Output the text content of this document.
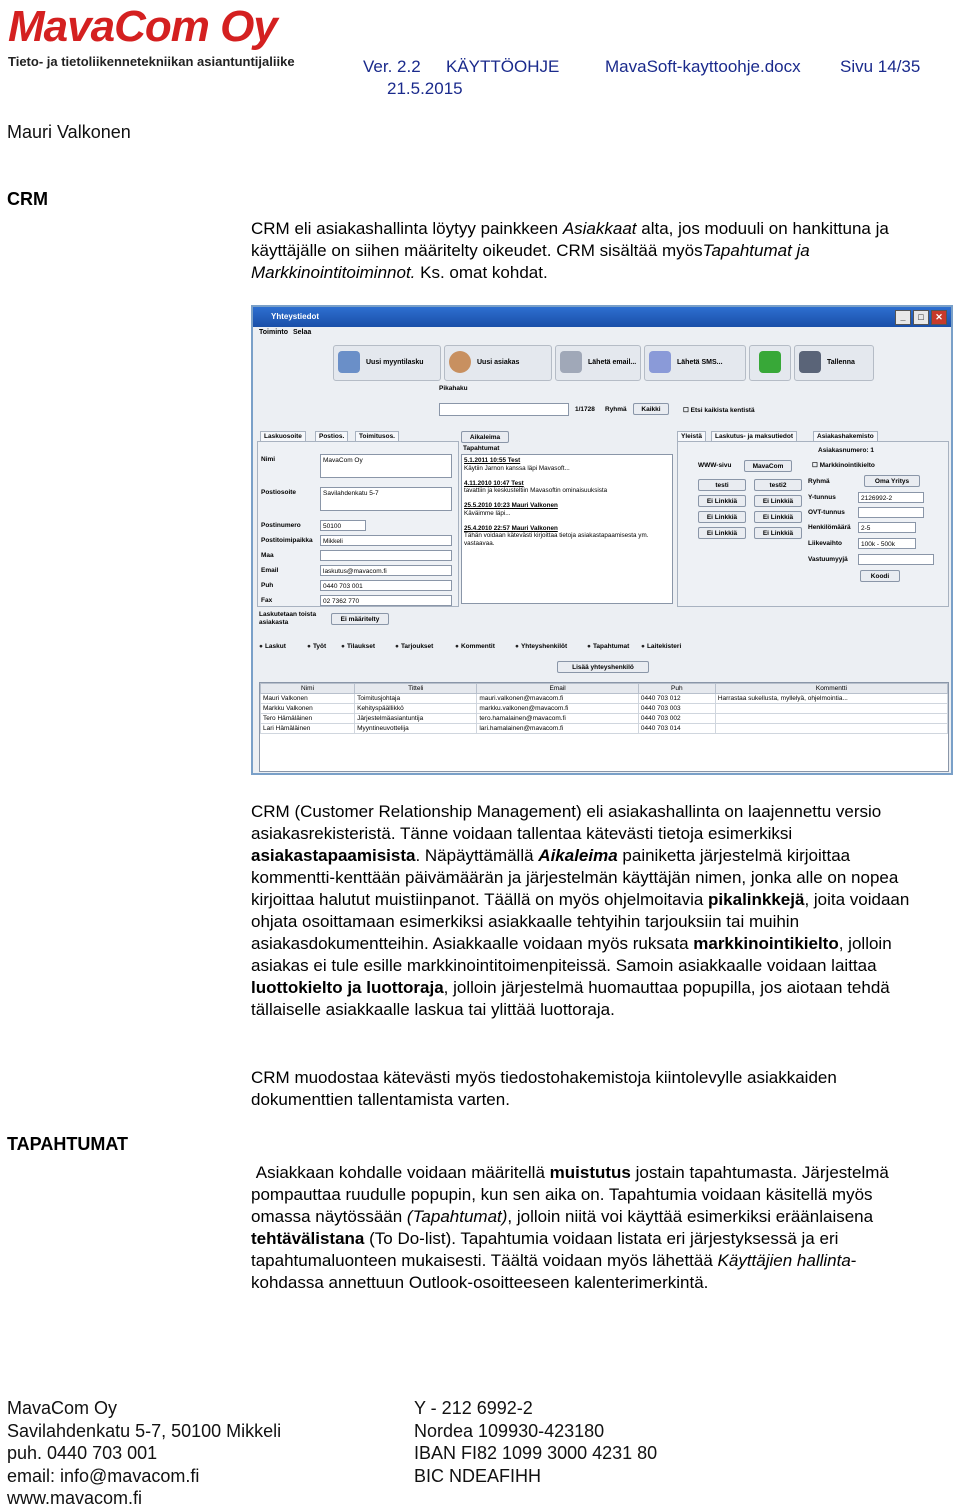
MavaCom Oy
Tieto- ja tietoliikennetekniikan asiantuntijaliike	Ver. 2.2 KÄYTTÖOHJE	MavaSoft-kayttoohje.docx Sivu 14/35
21.5.2015
Mauri Valkonen
CRM
CRM eli asiakashallinta löytyy painkkeen Asiakkaat alta, jos moduuli on hankittuna ja käyttäjälle on siihen määritelty oikeudet. CRM sisältää myösTapahtumat ja Markkinointitoiminnot. Ks. omat kohdat.
Yhteystiedot	_	□	✕
Toiminto Selaa
Uusi myyntilasku	Uusi asiakas	Lähetä email...	Lähetä SMS...	Tallenna
Pikahaku
1/1728 Ryhmä	Kaikki	☐ Etsi kaikista kentistä
Laskuosoite	Postios.	Toimitusos.
Nimi	MavaCom Oy
Postiosoite	Savilahdenkatu 5-7
Postinumero	50100
Postitoimipaikka	Mikkeli
Maa
Email	laskutus@mavacom.fi
Puh	0440 703 001
Fax	02 7362 770
Aikaleima
Tapahtumat
5.1.2011 10:55 Test
Käytiin Jarnon kanssa läpi Mavasoft...

4.11.2010 10:47 Test
tavattiin ja keskusteltiin Mavasoftin ominaisuuksista

25.5.2010 10:23 Mauri Valkonen
Käväimme läpi...

25.4.2010 22:57 Mauri Valkonen
Tähän voidaan kätevästi kirjoittaa tietoja asiakastapaamisesta ym. vastaavaa.
Yleistä	Laskutus- ja maksutiedot	Asiakashakemisto
WWW-sivu	MavaCom
testi	testi2
Ei Linkkiä	Ei Linkkiä
Ei Linkkiä	Ei Linkkiä
Ei Linkkiä	Ei Linkkiä
Asiakasnumero: 1
☐ Markkinointikielto
Ryhmä	Oma Yritys
Y-tunnus	2126992-2
OVT-tunnus
Henkilömäärä	2-5
Liikevaihto	100k - 500k
Vastuumyyjä
Koodi
Laskutetaan toista asiakasta	Ei määritelty
● Laskut	● Työt	● Tilaukset	● Tarjoukset	● Kommentit	● Yhteyshenkilöt	● Tapahtumat	● Laitekisteri
Lisää yhteyshenkilö
Nimi	Titteli	Email	Puh	Kommentti
Mauri Valkonen	Toimitusjohtaja	mauri.valkonen@mavacom.fi	0440 703 012	Harrastaa sukellusta, myllelyä, ohjelmointia...
Markku Valkonen	Kehityspäällikkö	markku.valkonen@mavacom.fi	0440 703 003	
Tero Hämäläinen	Järjestelmäasiantuntija	tero.hamalainen@mavacom.fi	0440 703 002	
Lari Hämäläinen	Myyntineuvottelija	lari.hamalainen@mavacom.fi	0440 703 014	
CRM (Customer Relationship Management) eli asiakashallinta on laajennettu versio asiakasrekisteristä. Tänne voidaan tallentaa kätevästi tietoja esimerkiksi asiakastapaamisista. Näpäyttämällä Aikaleima painiketta järjestelmä kirjoittaa kommentti-kenttään päivämäärän ja järjestelmän käyttäjän nimen, jonka alle on nopea kirjoittaa halutut muistiinpanot. Täällä on myös ohjelmoitavia pikalinkkejä, joita voidaan ohjata osoittamaan esimerkiksi asiakkaalle tehtyihin tarjouksiin tai muihin asiakasdokumentteihin. Asiakkaalle voidaan myös ruksata markkinointikielto, jolloin asiakas ei tule esille markkinointitoimenpiteissä. Samoin asiakkaalle voidaan laittaa luottokielto ja luottoraja, jolloin järjestelmä huomauttaa popupilla, jos aiotaan tehdä tällaiselle asiakkaalle laskua tai ylittää luottoraja.
CRM muodostaa kätevästi myös tiedostohakemistoja kiintolevylle asiakkaiden dokumenttien tallentamista varten.
TAPAHTUMAT
Asiakkaan kohdalle voidaan määritellä muistutus jostain tapahtumasta. Järjestelmä pompauttaa ruudulle popupin, kun sen aika on. Tapahtumia voidaan käsitellä myös omassa näytössään (Tapahtumat), jolloin niitä voi käyttää esimerkiksi eräänlaisena tehtävälistana (To Do-list). Tapahtumia voidaan listata eri järjestyksessä ja eri tapahtumaluonteen mukaisesti. Täältä voidaan myös lähettää Käyttäjien hallinta-kohdassa annettuun Outlook-osoitteeseen kalenterimerkintä.
MavaCom Oy
Savilahdenkatu 5-7, 50100 Mikkeli
puh. 0440 703 001
email: info@mavacom.fi
www.mavacom.fi
Y - 212 6992-2
Nordea 109930-423180
IBAN FI82 1099 3000 4231 80
BIC NDEAFIHH
